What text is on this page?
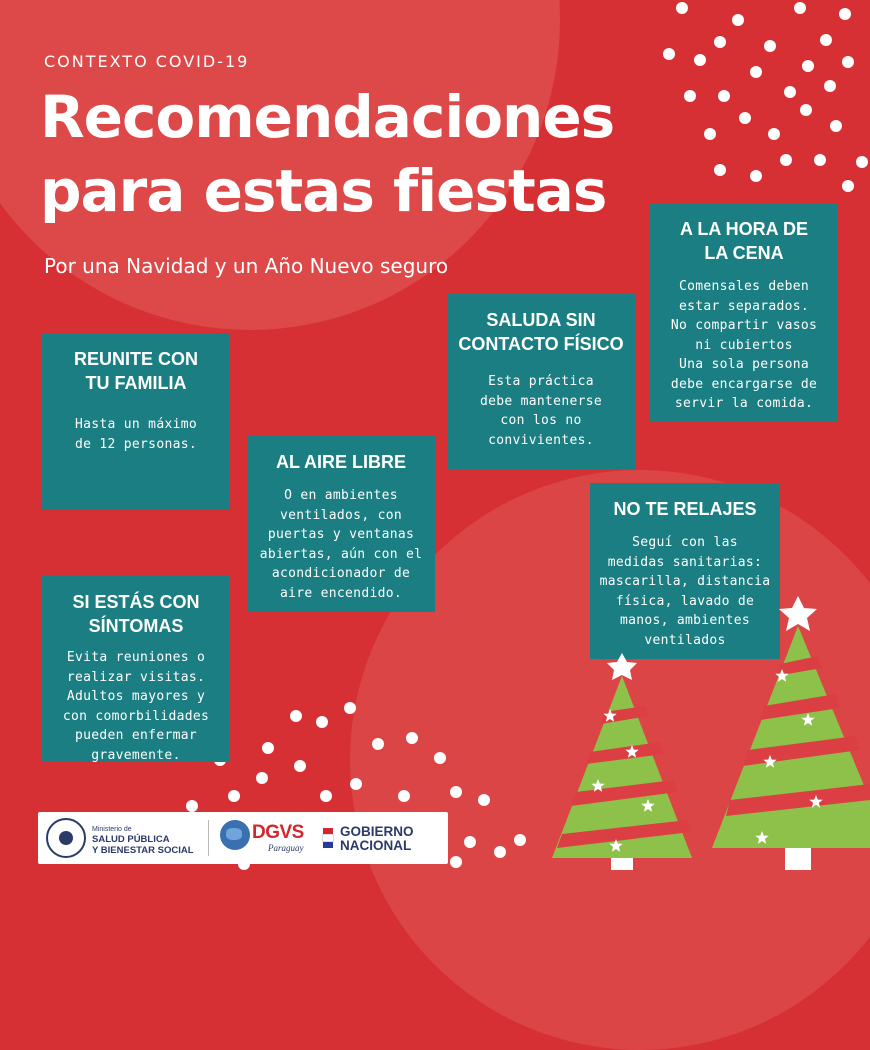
CONTEXTO COVID-19
Recomendaciones para estas fiestas
Por una Navidad y un Año Nuevo seguro
REUNITE CON
TU FAMILIA
Hasta un máximo
de 12 personas.
AL AIRE LIBRE
O en ambientes
ventilados, con
puertas y ventanas
abiertas, aún con el
acondicionador de
aire encendido.
SALUDA SIN
CONTACTO FÍSICO
Esta práctica
debe mantenerse
con los no
convivientes.
A LA HORA DE
LA CENA
Comensales deben
estar separados.
No compartir vasos
ni cubiertos
Una sola persona
debe encargarse de
servir la comida.
NO TE RELAJES
Seguí con las
medidas sanitarias:
mascarilla, distancia
física, lavado de
manos, ambientes
ventilados
SI ESTÁS CON
SÍNTOMAS
Evita reuniones o
realizar visitas.
Adultos mayores y
con comorbilidades
pueden enfermar
gravemente.
Ministerio de
SALUD PÚBLICA
Y BIENESTAR SOCIAL
DGVS
Paraguay
GOBIERNO
NACIONAL
